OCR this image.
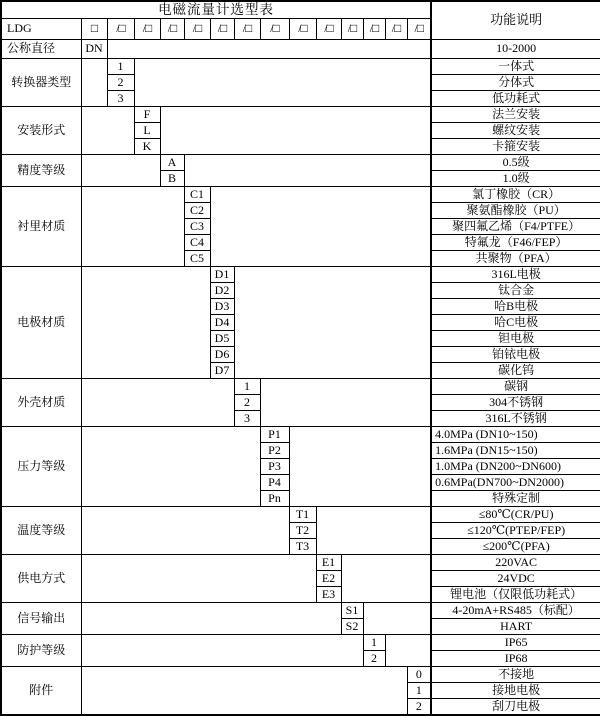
电磁流量计选型表															功能说明
LDG	□	/□	/□	/□	/□	/□	/□	/□	/□	/□	/□	/□	/□	/□	
公称直径	DN														10-2000
转换器类型		1													一体式
		2													分体式
		3													低功耗式
安装形式			F												法兰安装
			L												螺纹安装
			K												卡箍安装
精度等级				A											0.5级
				B											1.0级
衬里材质					C1										氯丁橡胶（CR）
					C2										聚氨酯橡胶（PU）
					C3										聚四氟乙烯（F4/PTFE）
					C4										特氟龙（F46/FEP）
					C5										共聚物（PFA）
电极材质						D1									316L电极
						D2									钛合金
						D3									哈B电极
						D4									哈C电极
						D5									钽电极
						D6									铂铱电极
						D7									碳化钨
外壳材质							1								碳钢
							2								304不锈钢
							3								316L不锈钢
压力等级								P1							4.0MPa (DN10~150)
								P2							1.6MPa (DN15~150)
								P3							1.0MPa (DN200~DN600)
								P4							0.6MPa(DN700~DN2000)
								Pn							特殊定制
温度等级									T1						≤80℃(CR/PU)
									T2						≤120℃(PTEP/FEP)
									T3						≤200℃(PFA)
供电方式										E1					220VAC
										E2					24VDC
										E3					锂电池（仅限低功耗式）
信号输出											S1				4-20mA+RS485（标配）
											S2				HART
防护等级												1			IP65
												2			IP68
附件														0	不接地
														1	接地电极
														2	刮刀电极
